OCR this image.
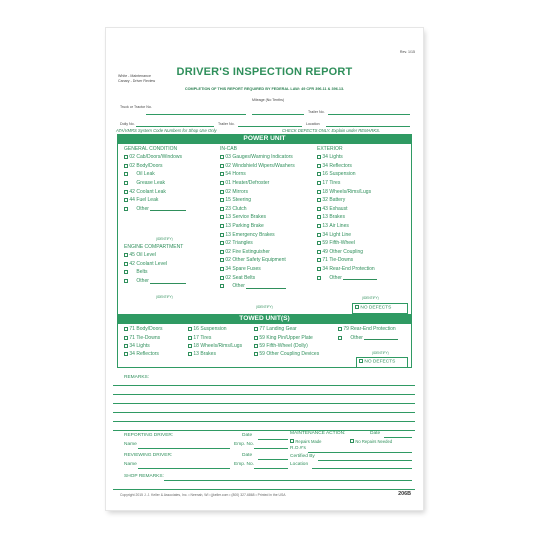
Rev. 1/15
White - Maintenance
Canary - Driver Review
DRIVER'S INSPECTION REPORT
COMPLETION OF THIS REPORT REQUIRED BY FEDERAL LAW: 49 CFR 396.11 & 396.13.
Mileage (No Tenths)
Truck or Tractor No.
Trailer No.
Dolly No.	Trailer No.	Location
ATA/VMRS System Code Numbers for Shop Use Only	CHECK DEFECTS ONLY. Explain under REMARKS.
POWER UNIT
GENERAL CONDITION
02 Cab/Doors/Windows
02 Body/Doors
Oil Leak
Grease Leak
42 Coolant Leak
44 Fuel Leak
Other
(IDENTIFY)
ENGINE COMPARTMENT
45 Oil Level
42 Coolant Level
Belts
Other
(IDENTIFY)
IN-CAB
03 Gauges/Warning Indicators
02 Windshield Wipers/Washers
54 Horns
01 Heater/Defroster
02 Mirrors
15 Steering
23 Clutch
13 Service Brakes
13 Parking Brake
13 Emergency Brakes
02 Triangles
02 Fire Extinguisher
02 Other Safety Equipment
34 Spare Fuses
02 Seat Belts
Other
(IDENTIFY)
EXTERIOR
34 Lights
34 Reflectors
16 Suspension
17 Tires
18 Wheels/Rims/Lugs
32 Battery
43 Exhaust
13 Brakes
13 Air Lines
34 Light Line
59 Fifth-Wheel
49 Other Coupling
71 Tie-Downs
34 Rear-End Protection
Other
(IDENTIFY)
NO DEFECTS
TOWED UNIT(S)
71 Body/Doors
71 Tie-Downs
34 Lights
34 Reflectors
16 Suspension
17 Tires
18 Wheels/Rims/Lugs
13 Brakes
77 Landing Gear
59 King Pin/Upper Plate
59 Fifth-Wheel (Dolly)
59 Other Coupling Devices
79 Rear-End Protection
Other
(IDENTIFY)
NO DEFECTS
REMARKS:
REPORTING DRIVER:	Date
Name	Emp. No.
REVIEWING DRIVER:	Date
Name	Emp. No.
MAINTENANCE ACTION:	Date
Repairs Made	No Repairs Needed
R.O.#'s
Certified By
Location
SHOP REMARKS:
Copyright 2015 J. J. Keller & Associates, Inc. • Neenah, WI • jjkeller.com • (800) 327-6868 • Printed in the USA	206B
